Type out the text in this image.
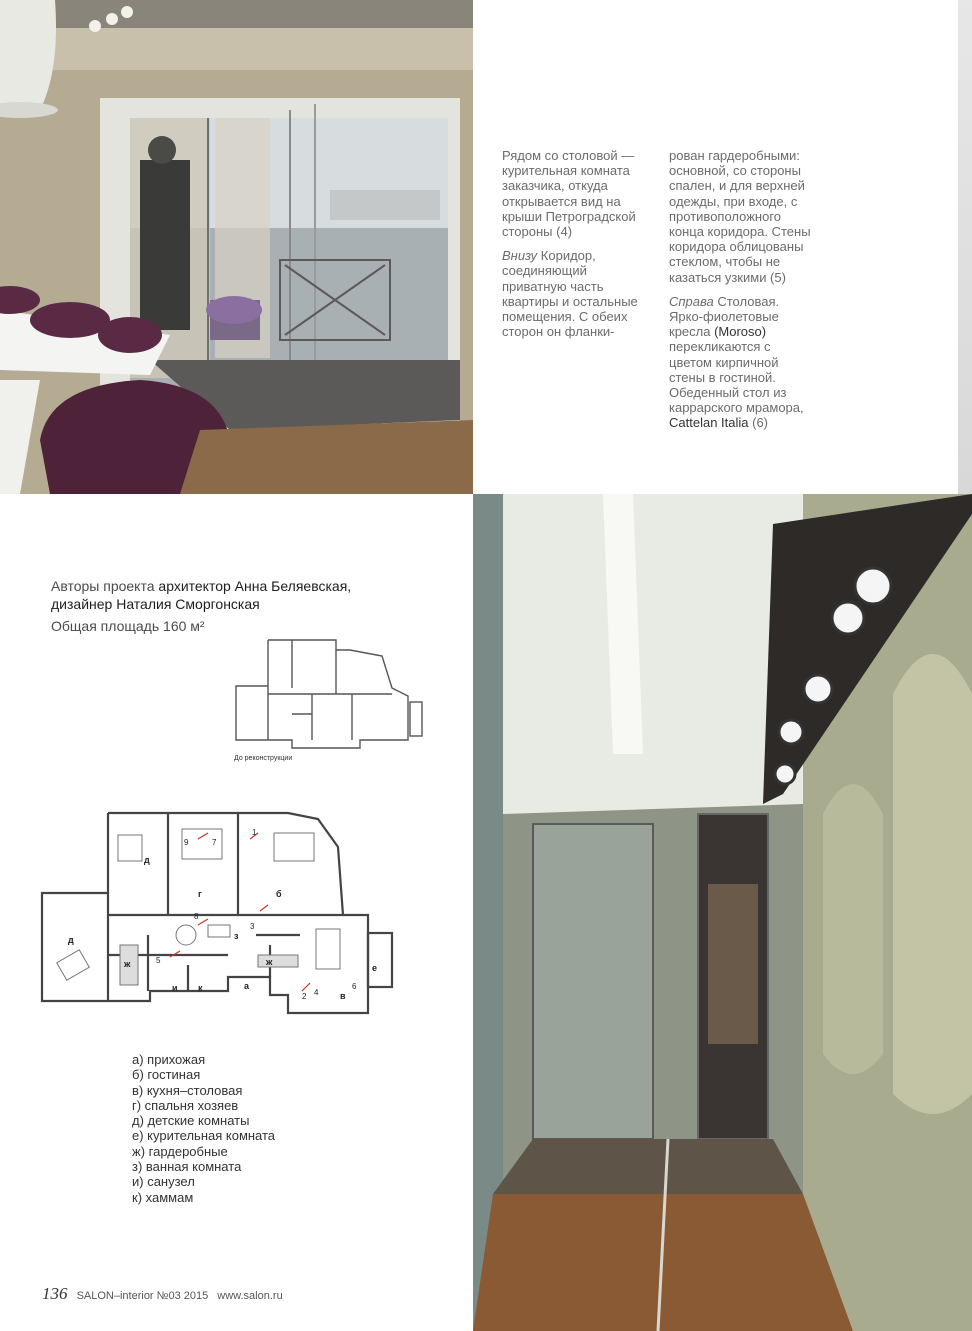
Рядом со столовой — курительная комната заказчика, откуда открывается вид на крыши Петроградской стороны (4)

Внизу Коридор, соединяющий приватную часть квартиры и остальные помещения. С обеих сторон он фланки-

рован гардеробными: основной, со стороны спален, и для верхней одежды, при входе, с противоположного конца коридора. Стены коридора облицованы стеклом, чтобы не казаться узкими (5)

Справа Столовая. Ярко-фиолетовые кресла (Moroso) перекликаются с цветом кирпичной стены в гостиной. Обеденный стол из каррарского мрамора, Cattelan Italia (6)

Авторы проекта архитектор Анна Беляевская,
дизайнер Наталия Сморгонская
Общая площадь 160 м²
До реконструкции
а
б
в
г
д
д
е
ж	ж
з
и к
1
2
3
4
5
6
7
8
9
а) прихожая
б) гостиная
в) кухня–столовая
г) спальня хозяев
д) детские комнаты
е) курительная комната
ж) гардеробные
з) ванная комната
и) санузел
к) хаммам
136 SALON–interior №03 2015 www.salon.ru
